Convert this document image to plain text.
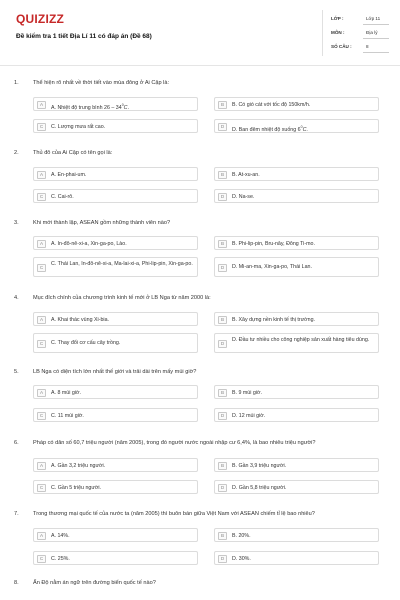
QUIZIZZ
Đề kiểm tra 1 tiết Địa Lí 11 có đáp án (Đề 68)
LỚP :	Lớp 11
MÔN :	Địa lý
SỐ CÂU :	8
1.	Thể hiện rõ nhất về thời tiết vào mùa đông ở Ai Cập là:
A	A. Nhiệt độ trung bình $26 - 34^0C$.	B	B. Có gió cát với tốc độ 150km/h.
C	C. Lượng mưa rất cao.	D	D. Ban đêm nhiệt độ xuống $6^0C$.
2.	Thủ đô của Ai Cập có tên gọi là:
A	A. En-phai-um.	B	B. At-xu-an.
C	C. Cai-rô.	D	D. Na-se.
3.	Khi mới thành lập, ASEAN gồm những thành viên nào?
A	A. In-đô-nê-xi-a, Xin-ga-po, Lào.	B	B. Phi-lip-pin, Bru-nây, Đông Ti-mo.
C
C. Thái Lan, In-đô-nê-xi-a, Ma-lai-xi-a, Phi-lip-pin, Xin-ga-po.
D	D. Mi-an-ma, Xin-ga-po, Thái Lan.
4.	Mục đích chính của chương trình kinh tế mới ở LB Nga từ năm 2000 là:
A	A. Khai thác vùng Xi-bia.	B	B. Xây dựng nền kinh tế thị trường.
C	C. Thay đổi cơ cấu cây trồng.	D
D. Đầu tư nhiều cho công nghiệp sản xuất hàng tiêu dùng.
5.	LB Nga có diện tích lớn nhất thế giới và trải dài trên mấy múi giờ?
A	A. 8 múi giờ.	B	B. 9 múi giờ.
C	C. 11 múi giờ.	D	D. 12 múi giờ.
6.	Pháp có dân số 60,7 triệu người (năm 2005), trong đó người nước ngoài nhập cư 6,4%, là bao nhiêu triệu người?
A	A. Gần 3,2 triệu người.	B	B. Gần 3,9 triệu người.
C	C. Gần 5 triệu người.	D	D. Gần 5,8 triệu người.
7.	Trong thương mại quốc tế của nước ta (năm 2005) thì buôn bán giữa Việt Nam với ASEAN chiếm tỉ lệ bao nhiêu?
A	A. 14%.	B	B. 20%.
C	C. 25%.	D	D. 30%.
8.	Ấn Độ nằm án ngữ trên đường biển quốc tế nào?
